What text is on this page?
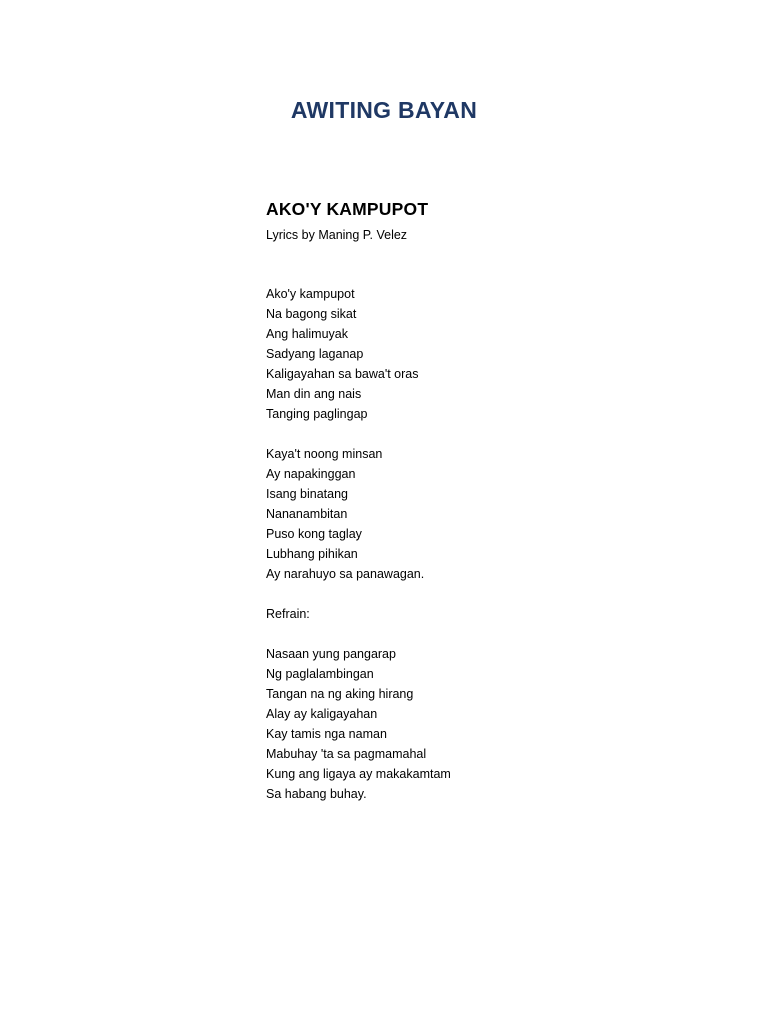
AWITING BAYAN
AKO'Y KAMPUPOT

Lyrics by Maning P. Velez

Ako'y kampupot
Na bagong sikat
Ang halimuyak
Sadyang laganap
Kaligayahan sa bawa't oras
Man din ang nais
Tanging paglingap
Kaya't noong minsan
Ay napakinggan
Isang binatang
Nananambitan
Puso kong taglay
Lubhang pihikan
Ay narahuyo sa panawagan.

Refrain:

Nasaan yung pangarap
Ng paglalambingan
Tangan na ng aking hirang
Alay ay kaligayahan
Kay tamis nga naman
Mabuhay 'ta sa pagmamahal
Kung ang ligaya ay makakamtam
Sa habang buhay.
